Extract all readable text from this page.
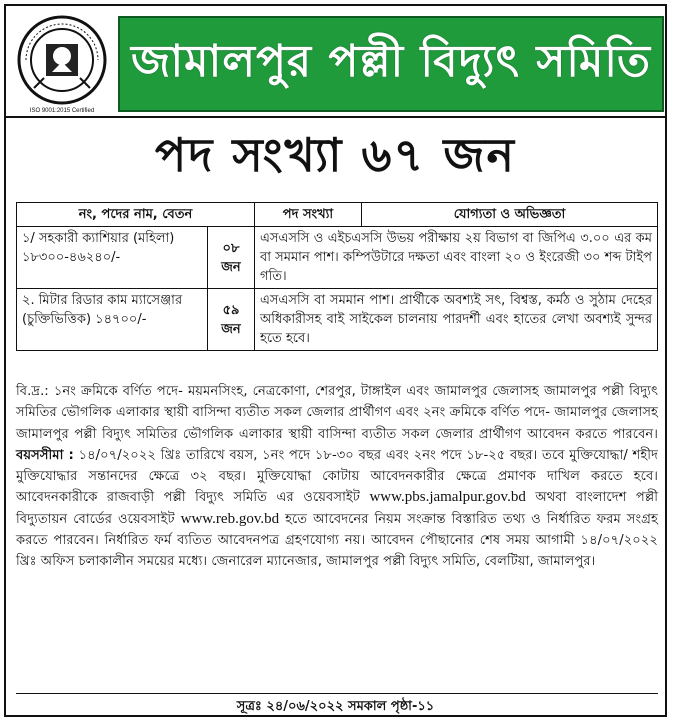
ISO 9001:2015 Certified
জামালপুর পল্লী বিদ্যুৎ সমিতি
পদ সংখ্যা ৬৭ জন
নং, পদের নাম, বেতন		পদ সংখ্যা	যোগ্যতা ও অভিজ্ঞতা
১/ সহকারী ক্যাশিয়ার (মহিলা) ১৮৩০০-৪৬২৪০/-	০৮ জন	এসএসসি ও এইচএসসি উভয় পরীক্ষায় ২য় বিভাগ বা জিপিএ ৩.০০ এর কম বা সমমান পাশ। কম্পিউটারে দক্ষতা এবং বাংলা ২০ ও ইংরেজী ৩০ শব্দ টাইপ গতি।	
২. মিটার রিডার কাম ম্যাসেঞ্জার (চুক্তিভিত্তিক) ১৪৭০০/-	৫৯ জন	এসএসসি বা সমমান পাশ। প্রার্থীকে অবশ্যই সৎ, বিশ্বস্ত, কর্মঠ ও সুঠাম দেহের অধিকারীসহ বাই সাইকেল চালনায় পারদর্শী এবং হাতের লেখা অবশ্যই সুন্দর হতে হবে।	
বি.দ্র.: ১নং ক্রমিকে বর্ণিত পদে- ময়মনসিংহ, নেত্রকোণা, শেরপুর, টাঙ্গাইল এবং জামালপুর জেলাসহ জামালপুর পল্লী বিদ্যুৎ সমিতির ভৌগলিক এলাকার স্থায়ী বাসিন্দা ব্যতীত সকল জেলার প্রার্থীগণ এবং ২নং ক্রমিকে বর্ণিত পদে- জামালপুর জেলাসহ জামালপুর পল্লী বিদ্যুৎ সমিতির ভৌগলিক এলাকার স্থায়ী বাসিন্দা ব্যতীত সকল জেলার প্রার্থীগণ আবেদন করতে পারবেন। বয়সসীমা : ১৪/০৭/২০২২ খ্রিঃ তারিখে বয়স, ১নং পদে ১৮-৩০ বছর এবং ২নং পদে ১৮-২৫ বছর। তবে মুক্তিযোদ্ধা/ শহীদ মুক্তিযোদ্ধার সন্তানদের ক্ষেত্রে ৩২ বছর। মুক্তিযোদ্ধা কোটায় আবেদনকারীর ক্ষেত্রে প্রমাণক দাখিল করতে হবে। আবেদনকারীকে রাজবাড়ী পল্লী বিদ্যুৎ সমিতি এর ওয়েবসাইট www.pbs.jamalpur.gov.bd অথবা বাংলাদেশ পল্লী বিদ্যুতায়ন বোর্ডের ওয়েবসাইট www.reb.gov.bd হতে আবেদনের নিয়ম সংক্রান্ত বিস্তারিত তথ্য ও নির্ধারিত ফরম সংগ্রহ করতে পারবেন। নির্ধারিত ফর্ম ব্যতিত আবেদনপত্র গ্রহণযোগ্য নয়। আবেদন পৌছানোর শেষ সময় আগামী ১৪/০৭/২০২২ খ্রিঃ অফিস চলাকালীন সময়ের মধ্যে। জেনারেল ম্যানেজার, জামালপুর পল্লী বিদ্যুৎ সমিতি, বেলটিয়া, জামালপুর।
সূত্রঃ ২৪/০৬/২০২২ সমকাল পৃষ্ঠা-১১
